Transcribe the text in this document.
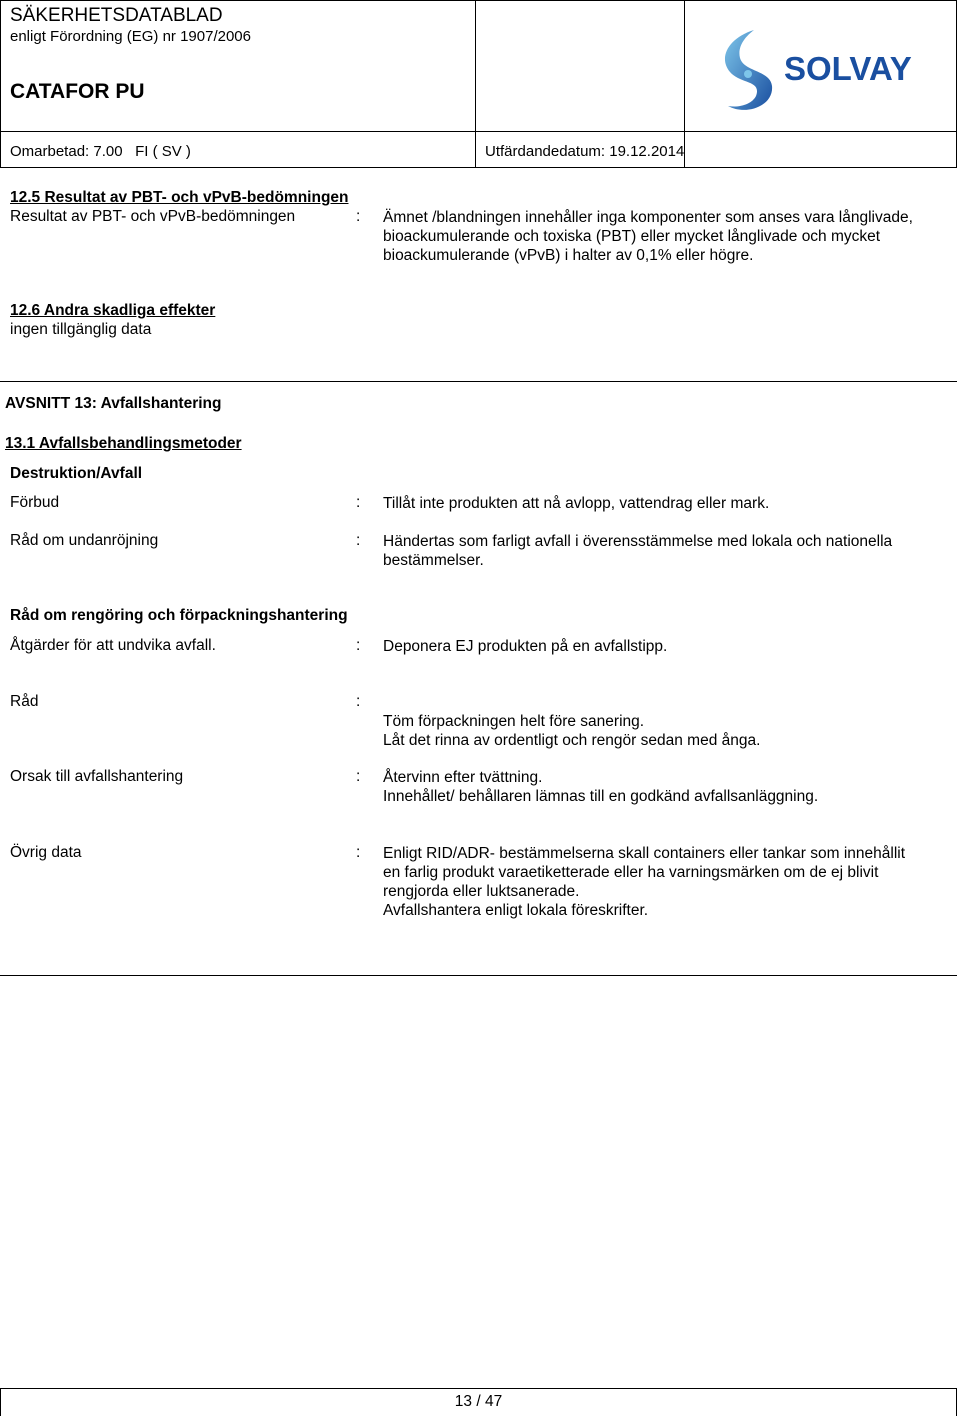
SÄKERHETSDATABLAD
enligt Förordning (EG) nr 1907/2006
CATAFOR PU
Omarbetad: 7.00   FI ( SV )	Utfärdandedatum: 19.12.2014
SOLVAY
12.5 Resultat av PBT- och vPvB-bedömningen
Resultat av PBT- och vPvB-bedömningen	: Ämnet /blandningen innehåller inga komponenter som anses vara långlivade,
bioackumulerande och toxiska (PBT) eller mycket långlivade och mycket
bioackumulerande (vPvB) i halter av 0,1% eller högre.
12.6 Andra skadliga effekter
ingen tillgänglig data
AVSNITT 13: Avfallshantering
13.1 Avfallsbehandlingsmetoder
Destruktion/Avfall
Förbud	: Tillåt inte produkten att nå avlopp, vattendrag eller mark.
Råd om undanröjning	: Händertas som farligt avfall i överensstämmelse med lokala och nationella
bestämmelser.
Råd om rengöring och förpackningshantering
Åtgärder för att undvika avfall.	: Deponera EJ produkten på en avfallstipp.
Råd	:
Töm förpackningen helt före sanering.
Låt det rinna av ordentligt och rengör sedan med ånga.
Orsak till avfallshantering	: Återvinn efter tvättning.
Innehållet/ behållaren lämnas till en godkänd avfallsanläggning.
Övrig data	: Enligt RID/ADR- bestämmelserna skall containers eller tankar som innehållit
en farlig produkt varaetiketterade eller ha varningsmärken om de ej blivit
rengjorda eller luktsanerade.
Avfallshantera enligt lokala föreskrifter.
13 / 47
